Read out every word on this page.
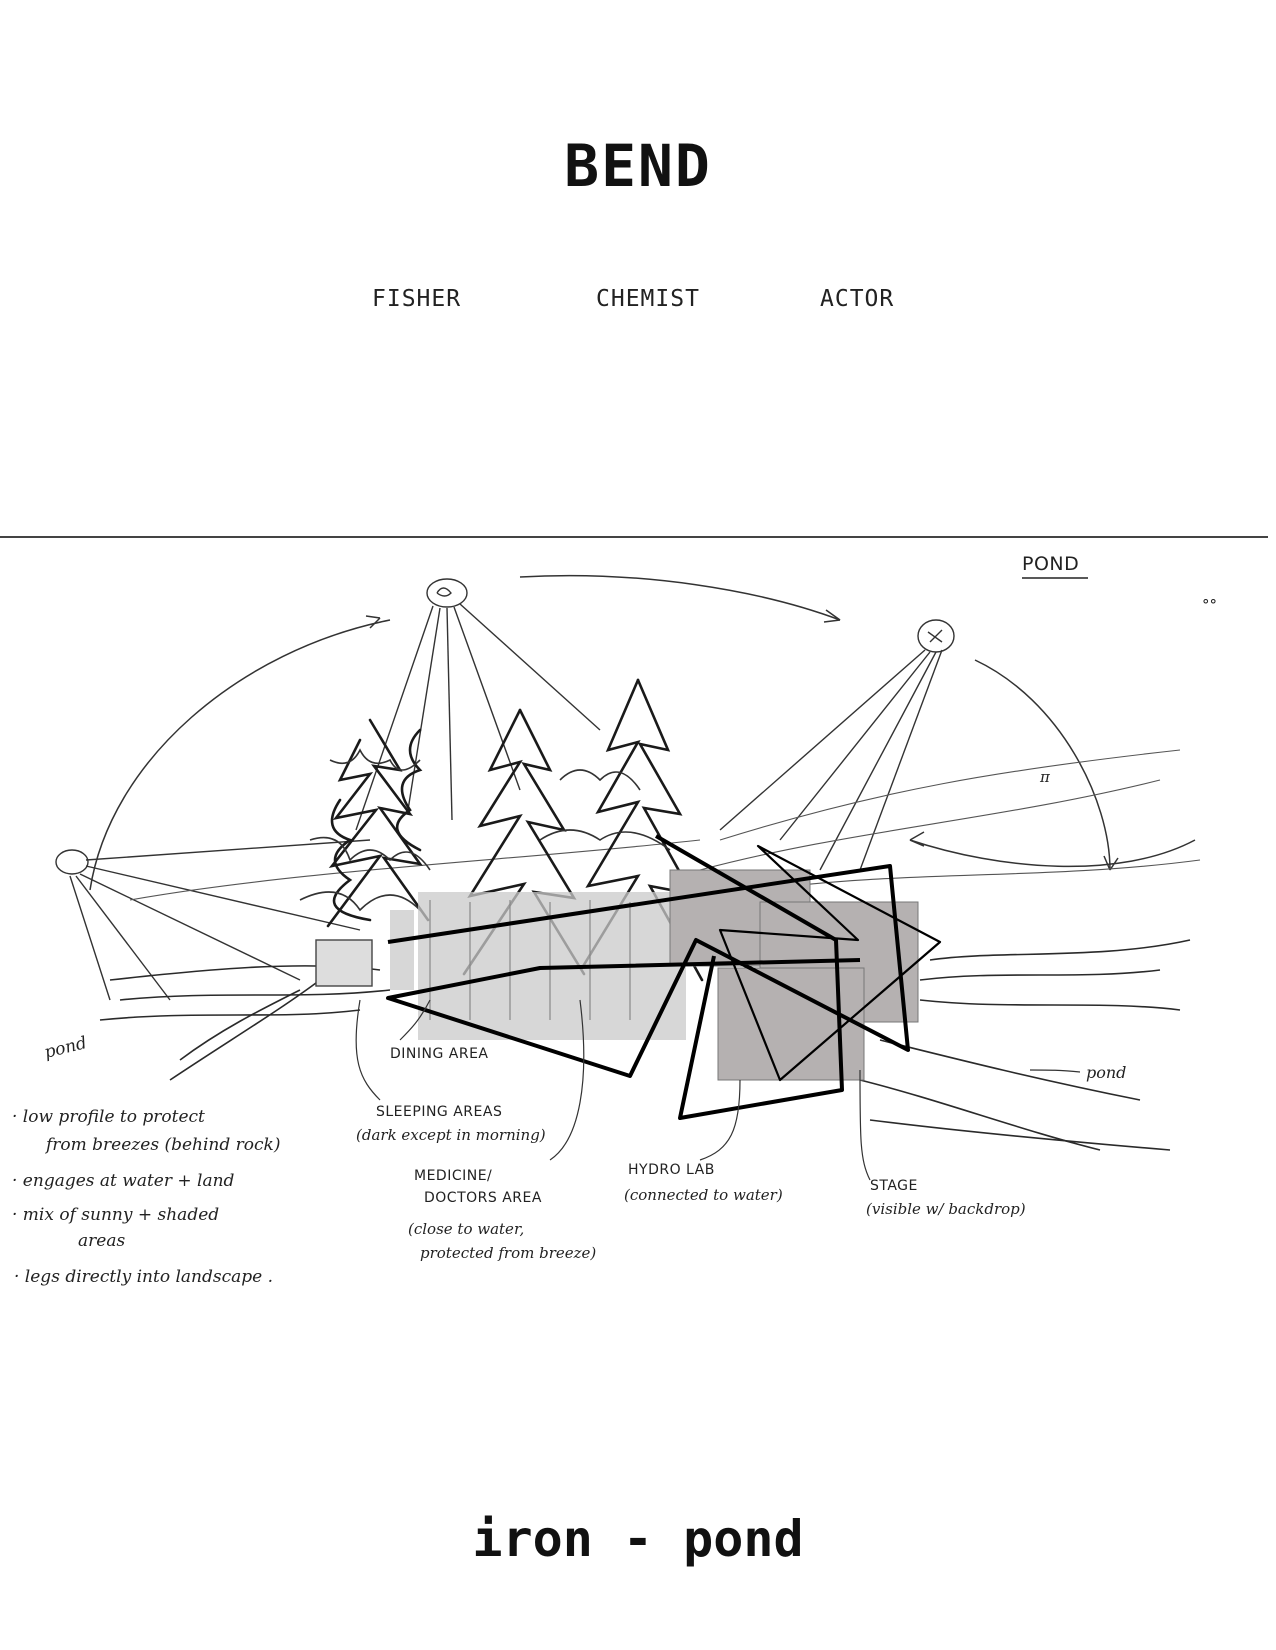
BEND
FISHER	CHEMIST	ACTOR
POND
°°
π
pond
pond
DINING AREA
SLEEPING AREAS
(dark except in morning)
MEDICINE/
DOCTORS AREA
(close to water,
protected from breeze)
HYDRO LAB
(connected to water)	STAGE
(visible w/ backdrop)
· low profile to protect
from breezes (behind rock)
· engages at water + land
· mix of sunny + shaded
areas
· legs directly into landscape .
iron - pond
